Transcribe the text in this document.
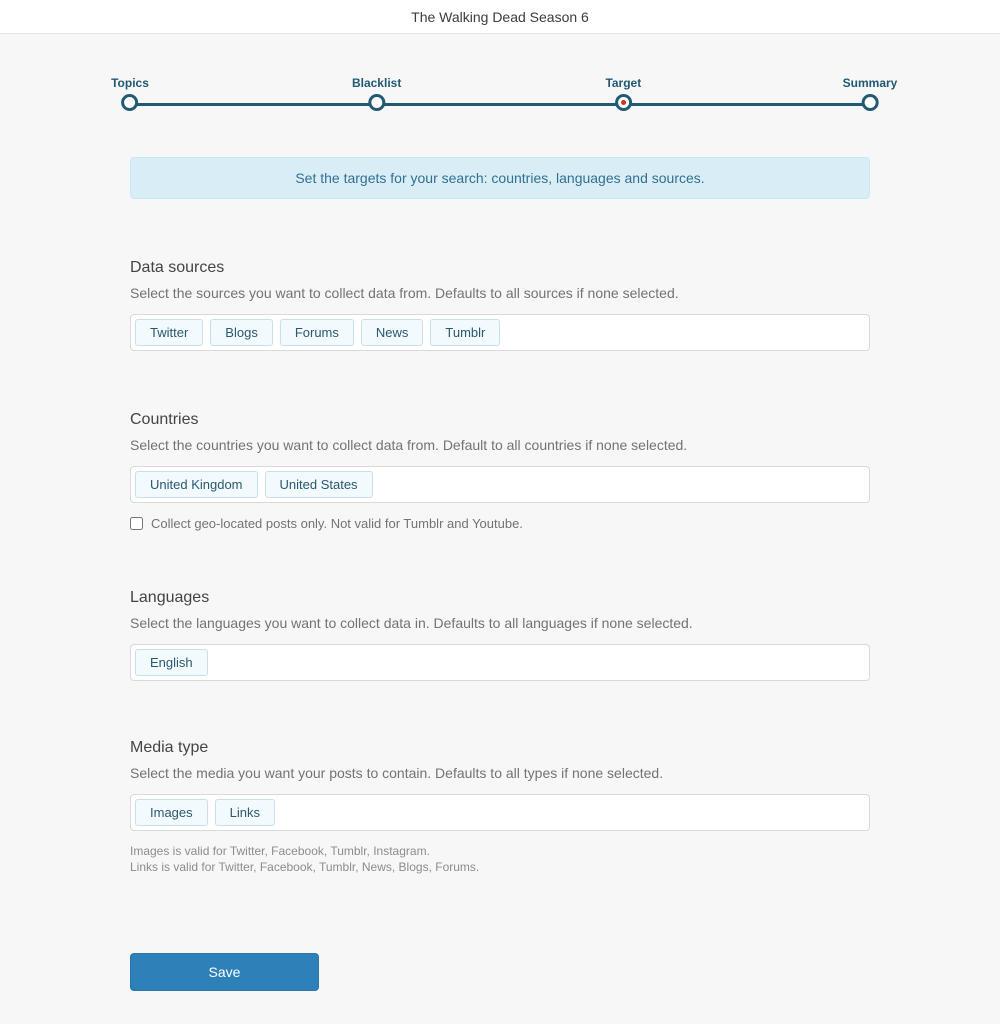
The Walking Dead Season 6
Topics	Blacklist	Target	Summary
Set the targets for your search: countries, languages and sources.
Data sources
Select the sources you want to collect data from. Defaults to all sources if none selected.
Twitter	Blogs	Forums	News	Tumblr
Countries
Select the countries you want to collect data from. Default to all countries if none selected.
United Kingdom	United States
Collect geo-located posts only. Not valid for Tumblr and Youtube.
Languages
Select the languages you want to collect data in. Defaults to all languages if none selected.
English
Media type
Select the media you want your posts to contain. Defaults to all types if none selected.
Images	Links
Images is valid for Twitter, Facebook, Tumblr, Instagram.
Links is valid for Twitter, Facebook, Tumblr, News, Blogs, Forums.
Save
